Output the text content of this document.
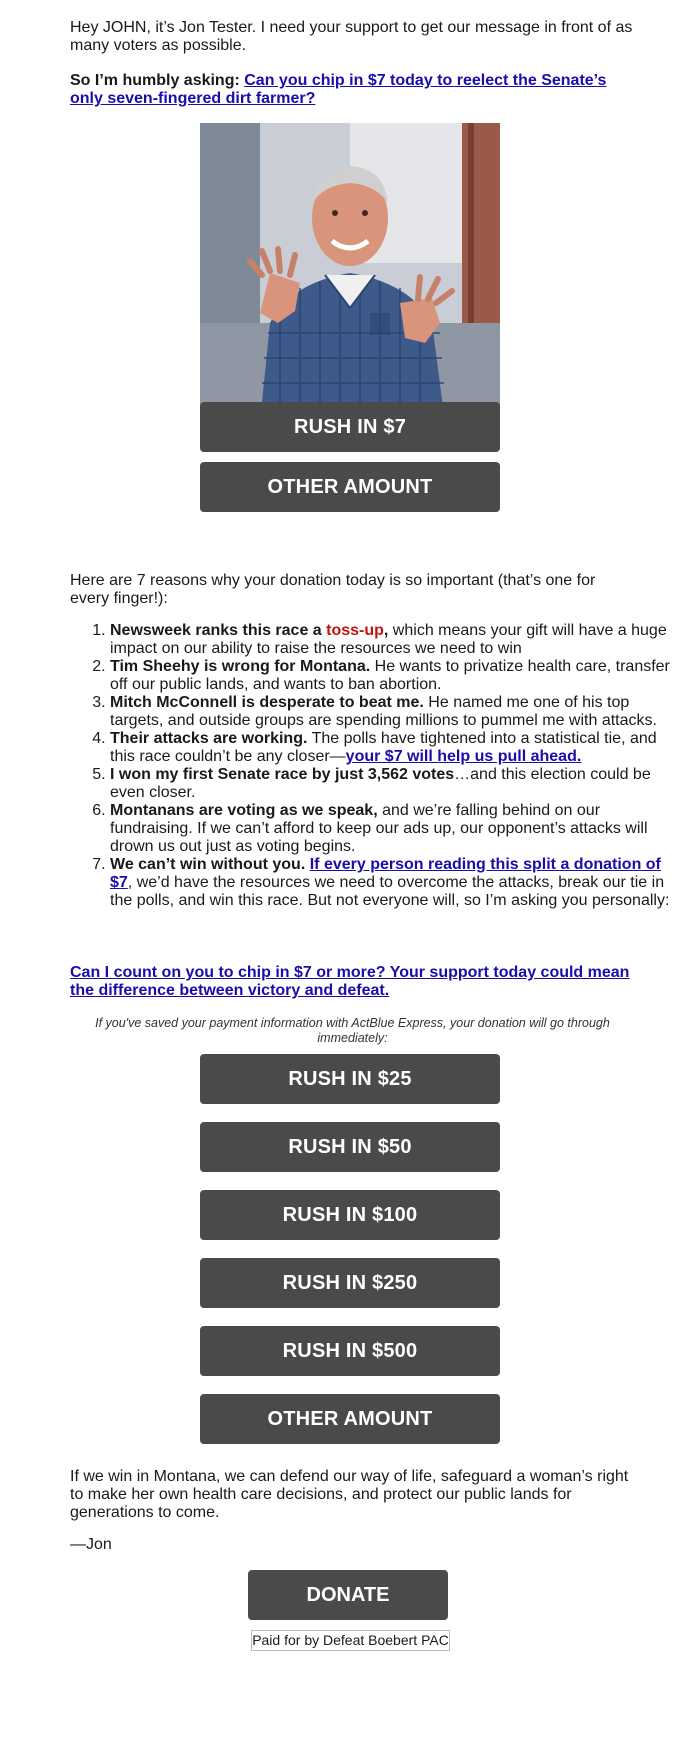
Hey JOHN, it’s Jon Tester. I need your support to get our message in front of as many voters as possible.

So I’m humbly asking: Can you chip in $7 today to reelect the Senate’s only seven-fingered dirt farmer?

RUSH IN $7
OTHER AMOUNT

Here are 7 reasons why your donation today is so important (that’s one for every finger!):

1. Newsweek ranks this race a toss-up, which means your gift will have a huge impact on our ability to raise the resources we need to win
2. Tim Sheehy is wrong for Montana. He wants to privatize health care, transfer off our public lands, and wants to ban abortion.
3. Mitch McConnell is desperate to beat me. He named me one of his top targets, and outside groups are spending millions to pummel me with attacks.
4. Their attacks are working. The polls have tightened into a statistical tie, and this race couldn’t be any closer—your $7 will help us pull ahead.
5. I won my first Senate race by just 3,562 votes…and this election could be even closer.
6. Montanans are voting as we speak, and we’re falling behind on our fundraising. If we can’t afford to keep our ads up, our opponent’s attacks will drown us out just as voting begins.
7. We can’t win without you. If every person reading this split a donation of $7, we’d have the resources we need to overcome the attacks, break our tie in the polls, and win this race. But not everyone will, so I’m asking you personally:

Can I count on you to chip in $7 or more? Your support today could mean the difference between victory and defeat.

If you've saved your payment information with ActBlue Express, your donation will go through immediately:

RUSH IN $25
RUSH IN $50
RUSH IN $100
RUSH IN $250
RUSH IN $500
OTHER AMOUNT

If we win in Montana, we can defend our way of life, safeguard a woman’s right to make her own health care decisions, and protect our public lands for generations to come.

—Jon

DONATE
Paid for by Defeat Boebert PAC
